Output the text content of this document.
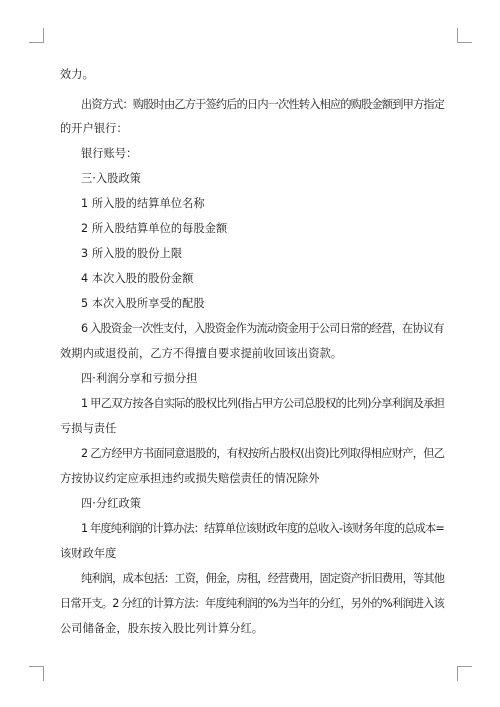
效力。
出资方式：购股时由乙方于签约后的日内一次性转入相应的购股金额到甲方指定
的开户银行：
银行账号：
三·入股政策
1 所入股的结算单位名称
2 所入股结算单位的每股金额
3 所入股的股份上限
4 本次入股的股份金额
5 本次入股所享受的配股
6 入股资金一次性支付，入股资金作为流动资金用于公司日常的经营，在协议有
效期内或退役前，乙方不得擅自要求提前收回该出资款。
四·利润分享和亏损分担
1 甲乙双方按各自实际的股权比列(指占甲方公司总股权的比列)分享利润及承担
亏损与责任
2 乙方经甲方书面同意退股的，有权按所占股权(出资)比列取得相应财产，但乙
方按协议约定应承担违约或损失赔偿责任的情况除外
四·分红政策
1 年度纯利润的计算办法：结算单位该财政年度的总收入-该财务年度的总成本=
该财政年度
纯利润，成本包括：工资，佣金，房租，经营费用，固定资产折旧费用，等其他
日常开支。2 分红的计算方法：年度纯利润的%为当年的分红，另外的%利润进入该
公司储备金，股东按入股比列计算分红。
